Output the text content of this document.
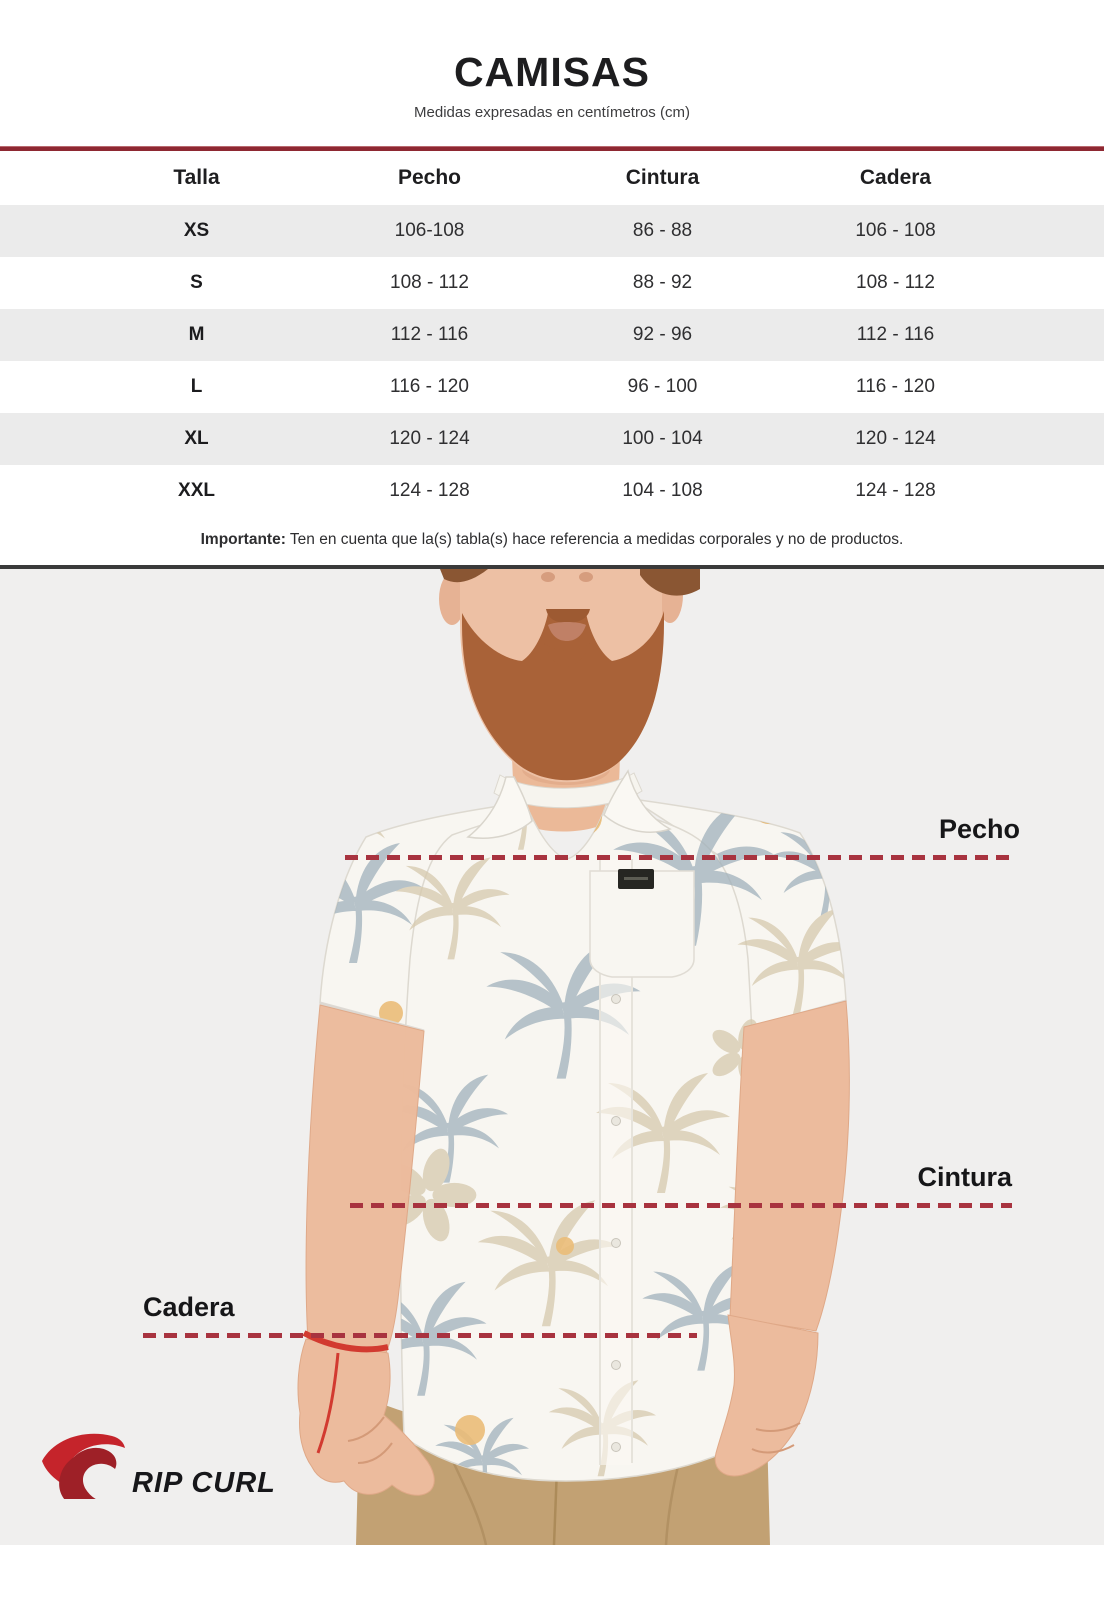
CAMISAS

Medidas expresadas en centímetros (cm)

Talla	Pecho	Cintura	Cadera
XS	106-108	86 - 88	106 - 108
S	108 - 112	88 - 92	108 - 112
M	112 - 116	92 - 96	112 - 116
L	116 - 120	96 - 100	116 - 120
XL	120 - 124	100 - 104	120 - 124
XXL	124 - 128	104 - 108	124 - 128

Importante: Ten en cuenta que la(s) tabla(s) hace referencia a medidas corporales y no de productos.

Pecho
Cintura
Cadera
RIP CURL
